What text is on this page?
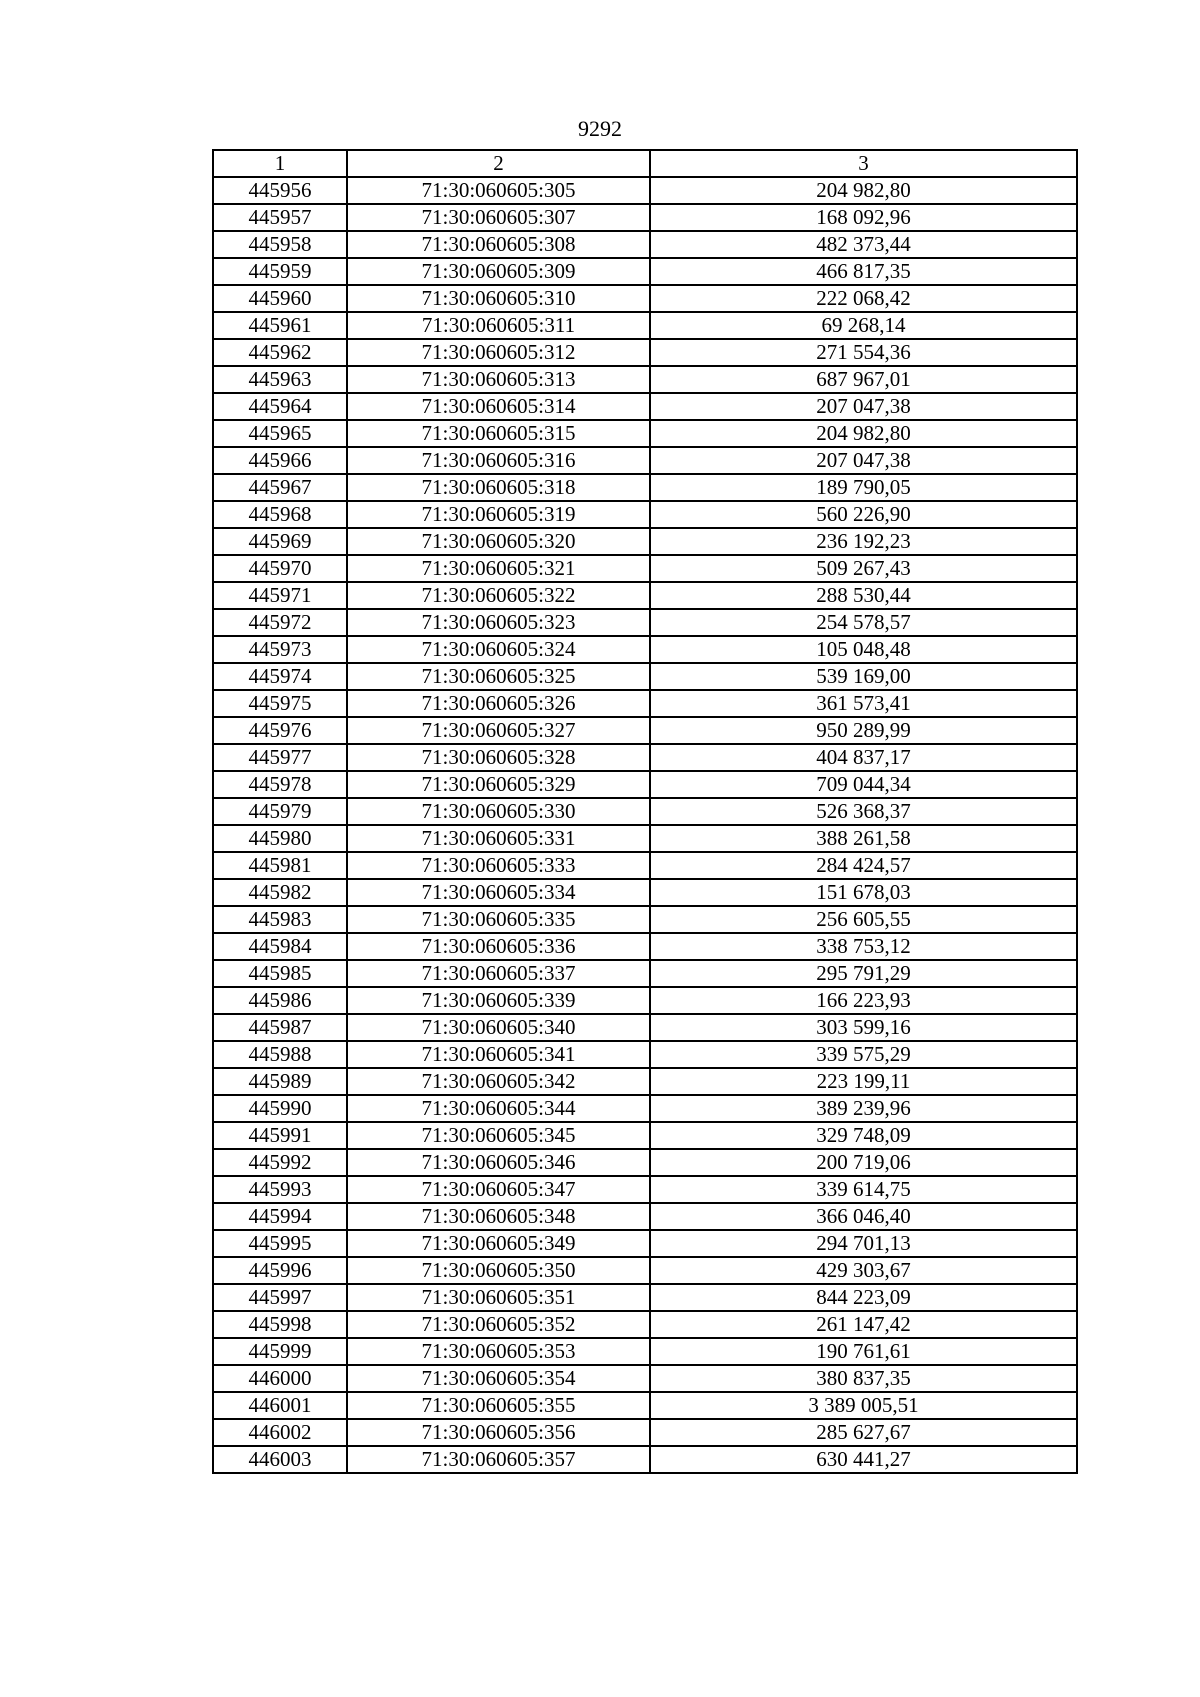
9292
1	2	3
445956	71:30:060605:305	204 982,80
445957	71:30:060605:307	168 092,96
445958	71:30:060605:308	482 373,44
445959	71:30:060605:309	466 817,35
445960	71:30:060605:310	222 068,42
445961	71:30:060605:311	69 268,14
445962	71:30:060605:312	271 554,36
445963	71:30:060605:313	687 967,01
445964	71:30:060605:314	207 047,38
445965	71:30:060605:315	204 982,80
445966	71:30:060605:316	207 047,38
445967	71:30:060605:318	189 790,05
445968	71:30:060605:319	560 226,90
445969	71:30:060605:320	236 192,23
445970	71:30:060605:321	509 267,43
445971	71:30:060605:322	288 530,44
445972	71:30:060605:323	254 578,57
445973	71:30:060605:324	105 048,48
445974	71:30:060605:325	539 169,00
445975	71:30:060605:326	361 573,41
445976	71:30:060605:327	950 289,99
445977	71:30:060605:328	404 837,17
445978	71:30:060605:329	709 044,34
445979	71:30:060605:330	526 368,37
445980	71:30:060605:331	388 261,58
445981	71:30:060605:333	284 424,57
445982	71:30:060605:334	151 678,03
445983	71:30:060605:335	256 605,55
445984	71:30:060605:336	338 753,12
445985	71:30:060605:337	295 791,29
445986	71:30:060605:339	166 223,93
445987	71:30:060605:340	303 599,16
445988	71:30:060605:341	339 575,29
445989	71:30:060605:342	223 199,11
445990	71:30:060605:344	389 239,96
445991	71:30:060605:345	329 748,09
445992	71:30:060605:346	200 719,06
445993	71:30:060605:347	339 614,75
445994	71:30:060605:348	366 046,40
445995	71:30:060605:349	294 701,13
445996	71:30:060605:350	429 303,67
445997	71:30:060605:351	844 223,09
445998	71:30:060605:352	261 147,42
445999	71:30:060605:353	190 761,61
446000	71:30:060605:354	380 837,35
446001	71:30:060605:355	3 389 005,51
446002	71:30:060605:356	285 627,67
446003	71:30:060605:357	630 441,27
